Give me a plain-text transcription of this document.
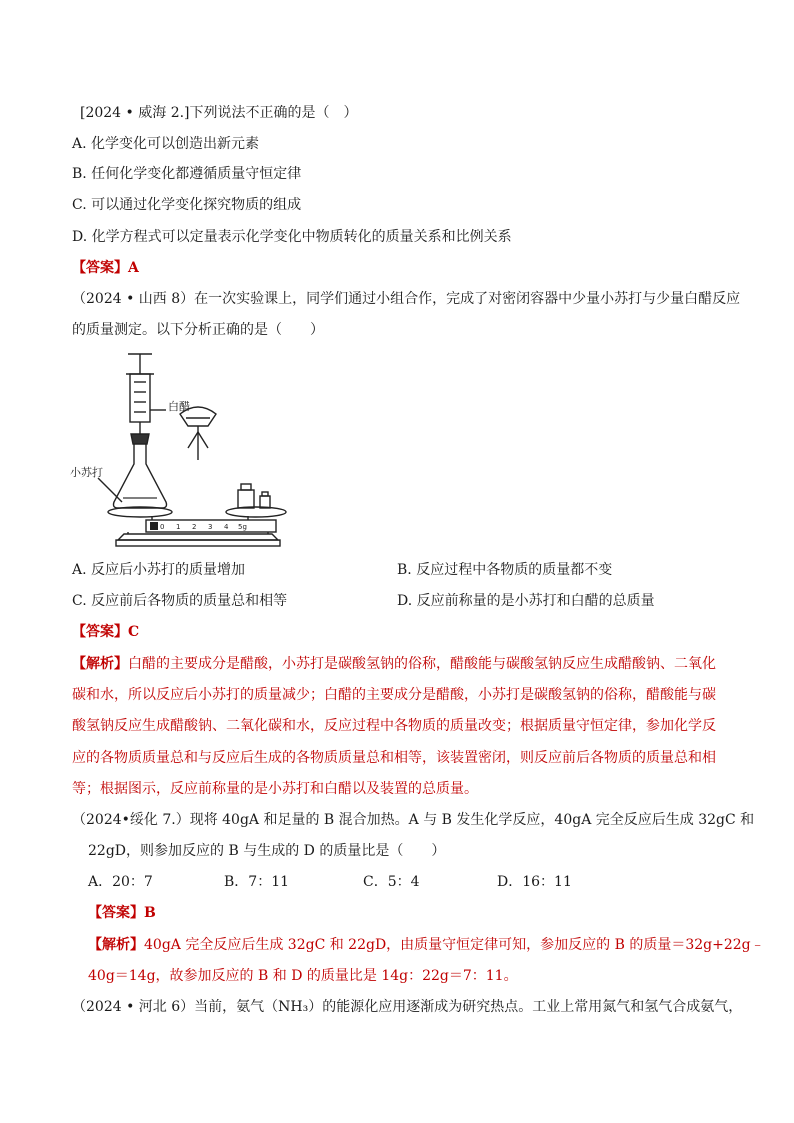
[2024 • 威海 2.]下列说法不正确的是（　）
A. 化学变化可以创造出新元素
B. 任何化学变化都遵循质量守恒定律
C. 可以通过化学变化探究物质的组成
D. 化学方程式可以定量表示化学变化中物质转化的质量关系和比例关系
【答案】A
（2024 • 山西 8）在一次实验课上，同学们通过小组合作，完成了对密闭容器中少量小苏打与少量白醋反应
的质量测定。以下分析正确的是（　　）
白醋
小苏打
0 1 2 3 4 5g
A. 反应后小苏打的质量增加	B. 反应过程中各物质的质量都不变
C. 反应前后各物质的质量总和相等	D. 反应前称量的是小苏打和白醋的总质量
【答案】C
【解析】白醋的主要成分是醋酸，小苏打是碳酸氢钠的俗称，醋酸能与碳酸氢钠反应生成醋酸钠、二氧化
碳和水，所以反应后小苏打的质量减少；白醋的主要成分是醋酸，小苏打是碳酸氢钠的俗称，醋酸能与碳
酸氢钠反应生成醋酸钠、二氧化碳和水，反应过程中各物质的质量改变；根据质量守恒定律，参加化学反
应的各物质质量总和与反应后生成的各物质质量总和相等，该装置密闭，则反应前后各物质的质量总和相
等；根据图示，反应前称量的是小苏打和白醋以及装置的总质量。
（2024•绥化 7.）现将 40gA 和足量的 B 混合加热。A 与 B 发生化学反应，40gA 完全反应后生成 32gC 和
22gD，则参加反应的 B 与生成的 D 的质量比是（　　）
A．20：7	B．7：11	C．5：4	D．16：11
【答案】B
【解析】40gA 完全反应后生成 32gC 和 22gD，由质量守恒定律可知，参加反应的 B 的质量＝32g+22g﹣
40g＝14g，故参加反应的 B 和 D 的质量比是 14g：22g＝7：11。
（2024 • 河北 6）当前，氨气（NH₃）的能源化应用逐渐成为研究热点。工业上常用氮气和氢气合成氨气，
